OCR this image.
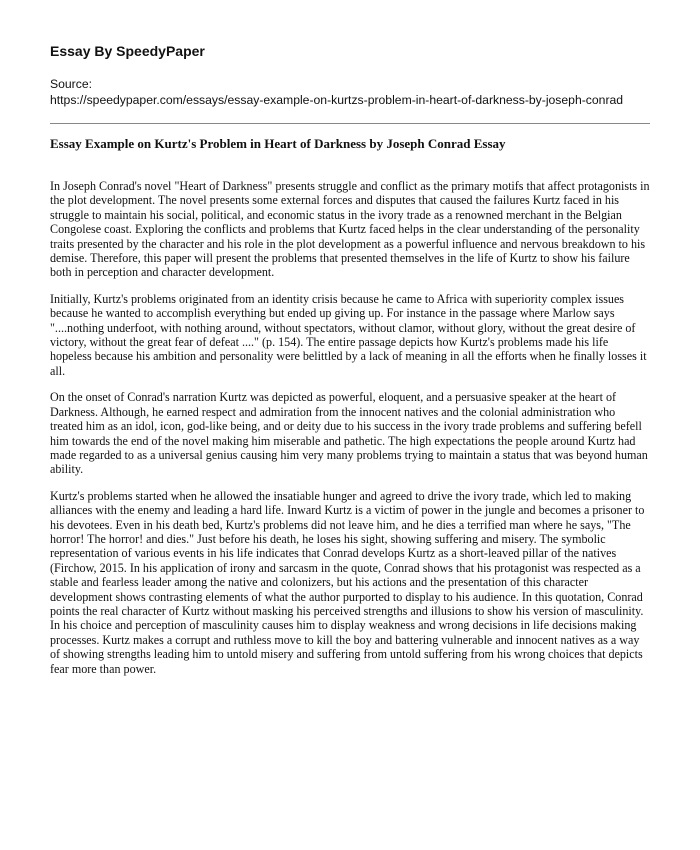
Essay By SpeedyPaper
Source:
https://speedypaper.com/essays/essay-example-on-kurtzs-problem-in-heart-of-darkness-by-joseph-conrad
Essay Example on Kurtz's Problem in Heart of Darkness by Joseph Conrad Essay

In Joseph Conrad's novel "Heart of Darkness" presents struggle and conflict as the primary motifs that affect protagonists in the plot development. The novel presents some external forces and disputes that caused the failures Kurtz faced in his struggle to maintain his social, political, and economic status in the ivory trade as a renowned merchant in the Belgian Congolese coast. Exploring the conflicts and problems that Kurtz faced helps in the clear understanding of the personality traits presented by the character and his role in the plot development as a powerful influence and nervous breakdown to his demise. Therefore, this paper will present the problems that presented themselves in the life of Kurtz to show his failure both in perception and character development.

Initially, Kurtz's problems originated from an identity crisis because he came to Africa with superiority complex issues because he wanted to accomplish everything but ended up giving up. For instance in the passage where Marlow says "....nothing underfoot, with nothing around, without spectators, without clamor, without glory, without the great desire of victory, without the great fear of defeat ...." (p. 154). The entire passage depicts how Kurtz's problems made his life hopeless because his ambition and personality were belittled by a lack of meaning in all the efforts when he finally losses it all.

On the onset of Conrad's narration Kurtz was depicted as powerful, eloquent, and a persuasive speaker at the heart of Darkness. Although, he earned respect and admiration from the innocent natives and the colonial administration who treated him as an idol, icon, god-like being, and or deity due to his success in the ivory trade problems and suffering befell him towards the end of the novel making him miserable and pathetic. The high expectations the people around Kurtz had made regarded to as a universal genius causing him very many problems trying to maintain a status that was beyond human ability.

Kurtz's problems started when he allowed the insatiable hunger and agreed to drive the ivory trade, which led to making alliances with the enemy and leading a hard life. Inward Kurtz is a victim of power in the jungle and becomes a prisoner to his devotees. Even in his death bed, Kurtz's problems did not leave him, and he dies a terrified man where he says, "The horror! The horror! and dies." Just before his death, he loses his sight, showing suffering and misery. The symbolic representation of various events in his life indicates that Conrad develops Kurtz as a short-leaved pillar of the natives (Firchow, 2015. In his application of irony and sarcasm in the quote, Conrad shows that his protagonist was respected as a stable and fearless leader among the native and colonizers, but his actions and the presentation of this character development shows contrasting elements of what the author purported to display to his audience. In this quotation, Conrad points the real character of Kurtz without masking his perceived strengths and illusions to show his version of masculinity. In his choice and perception of masculinity causes him to display weakness and wrong decisions in life decisions making processes. Kurtz makes a corrupt and ruthless move to kill the boy and battering vulnerable and innocent natives as a way of showing strengths leading him to untold misery and suffering from untold suffering from his wrong choices that depicts fear more than power.
